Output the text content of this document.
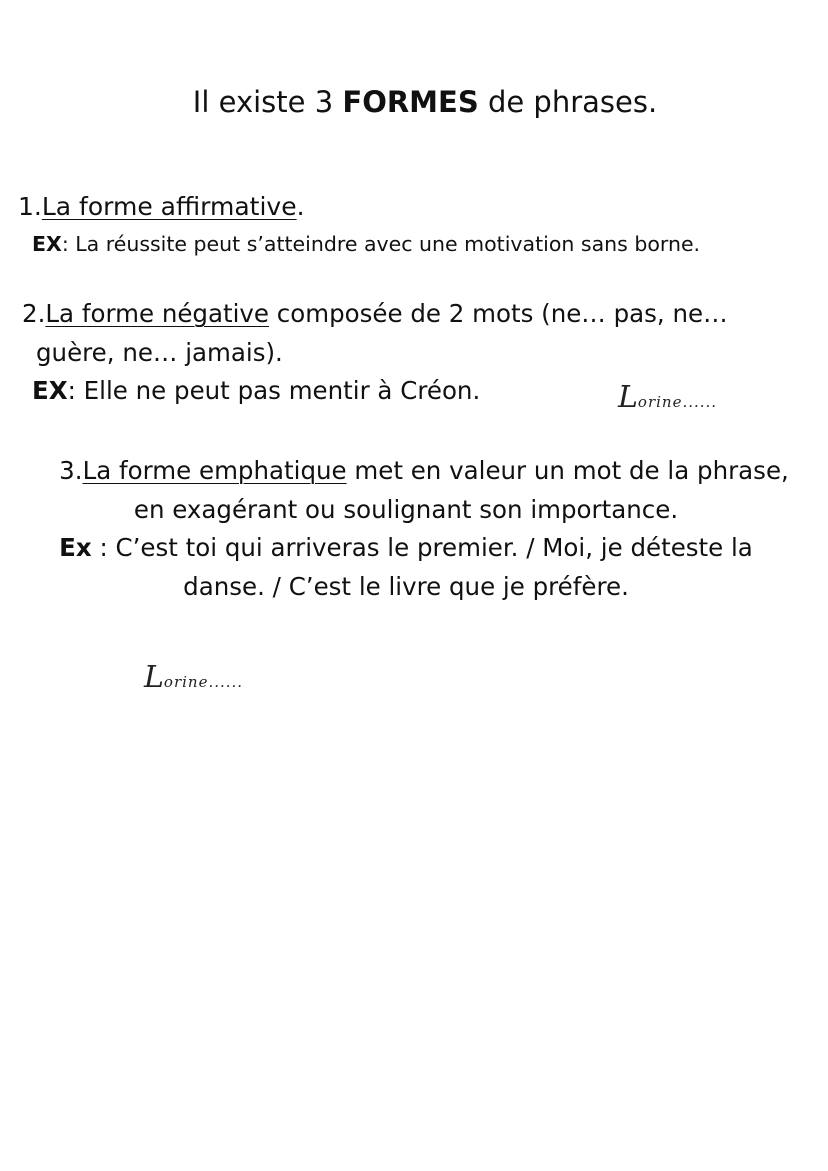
Il existe 3 FORMES de phrases.
1.La forme affirmative.
EX: La réussite peut s’atteindre avec une motivation sans borne.
2.La forme négative composée de 2 mots (ne… pas, ne…
guère, ne… jamais).
EX: Elle ne peut pas mentir à Créon.	Lorine......
3.La forme emphatique met en valeur un mot de la phrase,
en exagérant ou soulignant son importance.
Ex : C’est toi qui arriveras le premier. / Moi, je déteste la
danse. / C’est le livre que je préfère.
Lorine......
